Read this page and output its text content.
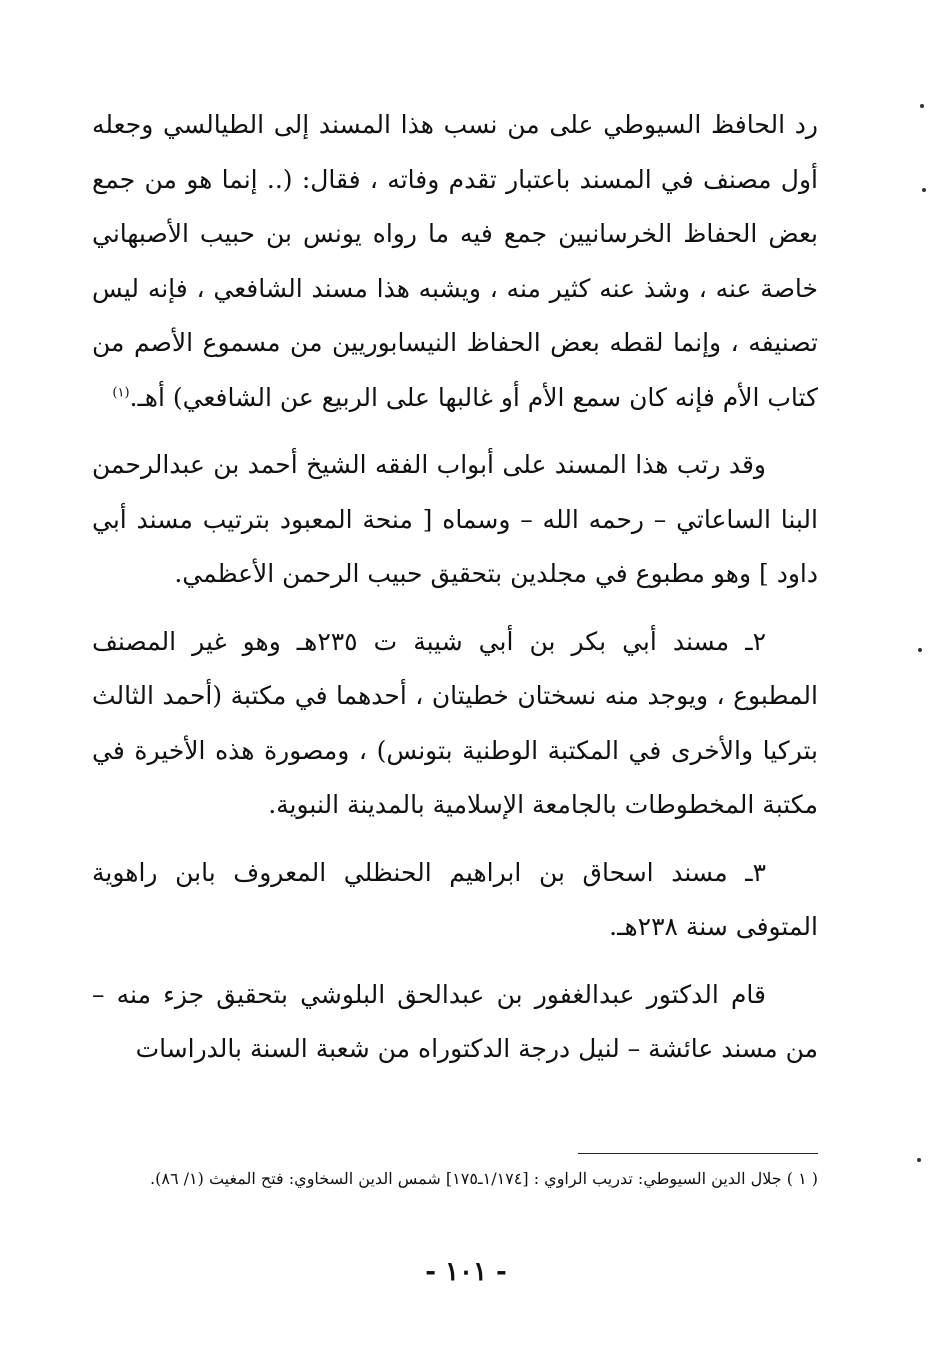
رد الحافظ السيوطي على من نسب هذا المسند إلى الطيالسي وجعله أول مصنف في المسند باعتبار تقدم وفاته ، فقال: (.. إنما هو من جمع بعض الحفاظ الخرسانيين جمع فيه ما رواه يونس بن حبيب الأصبهاني خاصة عنه ، وشذ عنه كثير منه ، ويشبه هذا مسند الشافعي ، فإنه ليس تصنيفه ، وإنما لقطه بعض الحفاظ النيسابوريين من مسموع الأصم من كتاب الأم فإنه كان سمع الأم أو غالبها على الربيع عن الشافعي) أهـ.$^{(١)}$

وقد رتب هذا المسند على أبواب الفقه الشيخ أحمد بن عبدالرحمن البنا الساعاتي – رحمه الله – وسماه [ منحة المعبود بترتيب مسند أبي داود ] وهو مطبوع في مجلدين بتحقيق حبيب الرحمن الأعظمي.

٢ـ مسند أبي بكر بن أبي شيبة ت ٢٣٥هـ وهو غير المصنف المطبوع ، ويوجد منه نسختان خطيتان ، أحدهما في مكتبة (أحمد الثالث بتركيا والأخرى في المكتبة الوطنية بتونس) ، ومصورة هذه الأخيرة في مكتبة المخطوطات بالجامعة الإسلامية بالمدينة النبوية.

٣ـ مسند اسحاق بن ابراهيم الحنظلي المعروف بابن راهوية المتوفى سنة ٢٣٨هـ.

قام الدكتور عبدالغفور بن عبدالحق البلوشي بتحقيق جزء منه – من مسند عائشة – لنيل درجة الدكتوراه من شعبة السنة بالدراسات

( ١ ) جلال الدين السيوطي: تدريب الراوي : [١/١٧٤ـ١٧٥] شمس الدين السخاوي: فتح المغيث (١/ ٨٦).
- ١٠١ -
